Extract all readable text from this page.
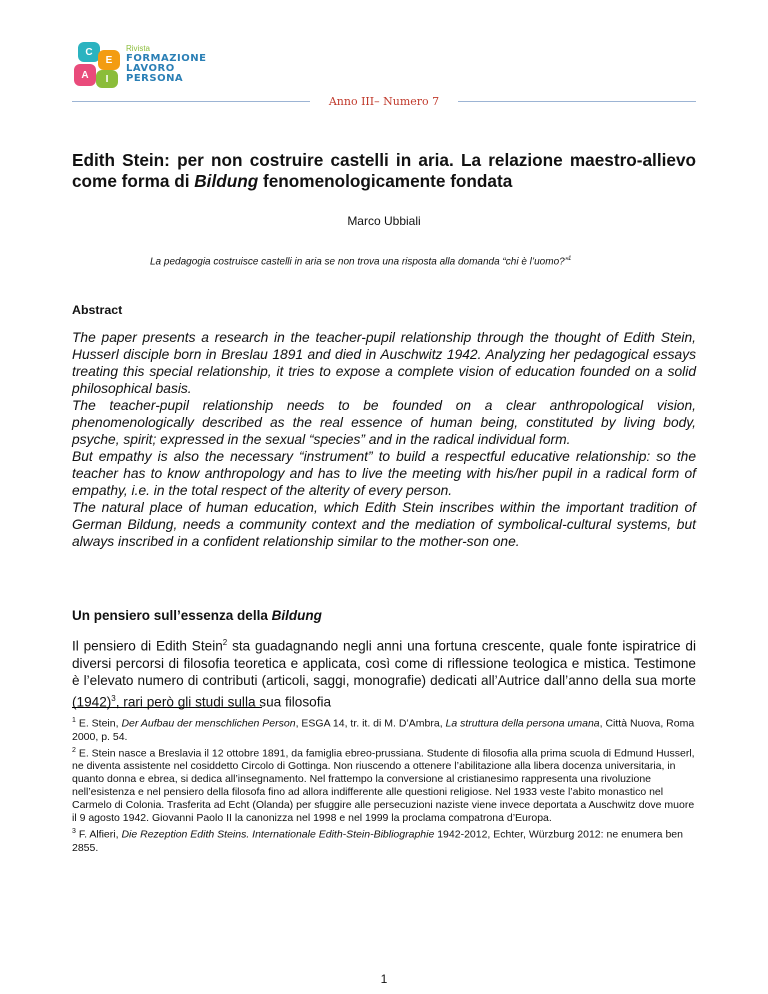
C
E
A	I
Rivista
FORMAZIONE
LAVORO
PERSONA
Anno III– Numero 7
Edith Stein: per non costruire castelli in aria. La relazione maestro-allievo come forma di Bildung fenomenologicamente fondata
Marco Ubbiali
La pedagogia costruisce castelli in aria se non trova una risposta alla domanda “chi è l’uomo?”$^1$
Abstract

The paper presents a research in the teacher-pupil relationship through the thought of Edith Stein, Husserl disciple born in Breslau 1891 and died in Auschwitz 1942. Analyzing her pedagogical essays treating this special relationship, it tries to expose a complete vision of education founded on a solid philosophical basis.

The teacher-pupil relationship needs to be founded on a clear anthropological vision, phenomenologically described as the real essence of human being, constituted by living body, psyche, spirit; expressed in the sexual “species” and in the radical individual form.

But empathy is also the necessary “instrument” to build a respectful educative relationship: so the teacher has to know anthropology and has to live the meeting with his/her pupil in a radical form of empathy, i.e. in the total respect of the alterity of every person.

The natural place of human education, which Edith Stein inscribes within the important tradition of German Bildung, needs a community context and the mediation of symbolical-cultural systems, but always inscribed in a confident relationship similar to the mother-son one.

Un pensiero sull’essenza della Bildung
Il pensiero di Edith Stein$^2$ sta guadagnando negli anni una fortuna crescente, quale fonte ispiratrice di diversi percorsi di filosofia teoretica e applicata, così come di riflessione teologica e mistica. Testimone è l’elevato numero di contributi (articoli, saggi, monografie) dedicati all’Autrice dall’anno della sua morte $(1942)^3$, rari però gli studi sulla sua filosofia

$^1$ E. Stein, Der Aufbau der menschlichen Person, ESGA 14, tr. it. di M. D’Ambra, La struttura della persona umana, Città Nuova, Roma 2000, p. 54.

$^2$ E. Stein nasce a Breslavia il 12 ottobre 1891, da famiglia ebreo-prussiana. Studente di filosofia alla prima scuola di Edmund Husserl, ne diventa assistente nel cosiddetto Circolo di Gottinga. Non riuscendo a ottenere l’abilitazione alla libera docenza universitaria, in quanto donna e ebrea, si dedica all’insegnamento. Nel frattempo la conversione al cristianesimo rappresenta una rivoluzione nell’esistenza e nel pensiero della filosofa fino ad allora indifferente alle questioni religiose. Nel 1933 veste l’abito monastico nel Carmelo di Colonia. Trasferita ad Echt (Olanda) per sfuggire alle persecuzioni naziste viene invece deportata a Auschwitz dove muore il 9 agosto 1942. Giovanni Paolo II la canonizza nel 1998 e nel 1999 la proclama compatrona d’Europa.

$^3$ F. Alfieri, Die Rezeption Edith Steins. Internationale Edith-Stein-Bibliographie 1942-2012, Echter, Würzburg 2012: ne enumera ben 2855.

1
